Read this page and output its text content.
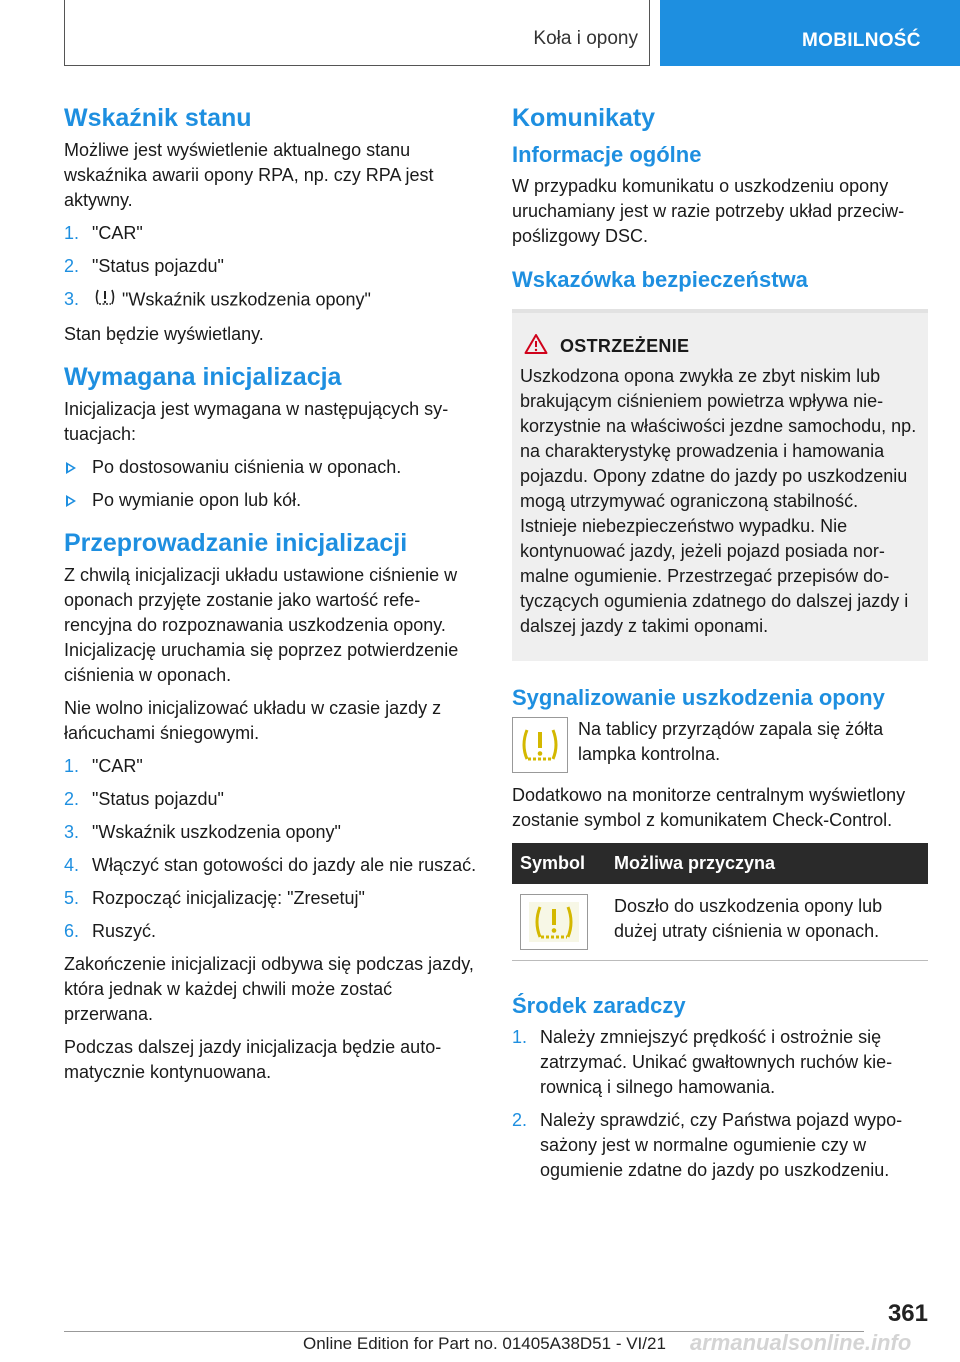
Koła i opony	MOBILNOŚĆ
Wskaźnik stanu

Możliwe jest wyświetlenie aktualnego stanu wskaźnika awarii opony RPA, np. czy RPA jest aktywny.

1. "CAR"
2. "Status pojazdu"
3. "Wskaźnik uszkodzenia opony"

Stan będzie wyświetlany.

Wymagana inicjalizacja

Inicjalizacja jest wymagana w następujących sytuacjach:

Po dostosowaniu ciśnienia w oponach.
Po wymianie opon lub kół.
Przeprowadzanie inicjalizacji

Z chwilą inicjalizacji układu ustawione ciśnienie w oponach przyjęte zostanie jako wartość referencyjna do rozpoznawania uszkodzenia opony. Inicjalizację uruchamia się poprzez potwierdzenie ciśnienia w oponach.

Nie wolno inicjalizować układu w czasie jazdy z łańcuchami śniegowymi.

1. "CAR"
2. "Status pojazdu"
3. "Wskaźnik uszkodzenia opony"
4. Włączyć stan gotowości do jazdy ale nie ruszać.
5. Rozpocząć inicjalizację: "Zresetuj"
6. Ruszyć.

Zakończenie inicjalizacji odbywa się podczas jazdy, która jednak w każdej chwili może zostać przerwana.

Podczas dalszej jazdy inicjalizacja będzie automatycznie kontynuowana.

Komunikaty
Informacje ogólne

W przypadku komunikatu o uszkodzeniu opony uruchamiany jest w razie potrzeby układ przeciwpoślizgowy DSC.

Wskazówka bezpieczeństwa
OSTRZEŻENIE

Uszkodzona opona zwykła ze zbyt niskim lub brakującym ciśnieniem powietrza wpływa niekorzystnie na właściwości jezdne samochodu, np. na charakterystykę prowadzenia i hamowania pojazdu. Opony zdatne do jazdy po uszkodzeniu mogą utrzymywać ograniczoną stabilność. Istnieje niebezpieczeństwo wypadku. Nie kontynuować jazdy, jeżeli pojazd posiada normalne ogumienie. Przestrzegać przepisów dotyczących ogumienia zdatnego do dalszej jazdy i dalszej jazdy z takimi oponami.

Sygnalizowanie uszkodzenia opony
Na tablicy przyrządów zapala się żółta lampka kontrolna.

Dodatkowo na monitorze centralnym wyświetlony zostanie symbol z komunikatem Check-Control.

Symbol	Możliwa przyczyna

	Doszło do uszkodzenia opony lub dużej utraty ciśnienia w oponach.
Środek zaradczy
1. Należy zmniejszyć prędkość i ostrożnie się zatrzymać. Unikać gwałtownych ruchów kierownicą i silnego hamowania.
2. Należy sprawdzić, czy Państwa pojazd wyposażony jest w normalne ogumienie czy w ogumienie zdatne do jazdy po uszkodzeniu.
361
Online Edition for Part no. 01405A38D51 - VI/21 armanualsonline.info
